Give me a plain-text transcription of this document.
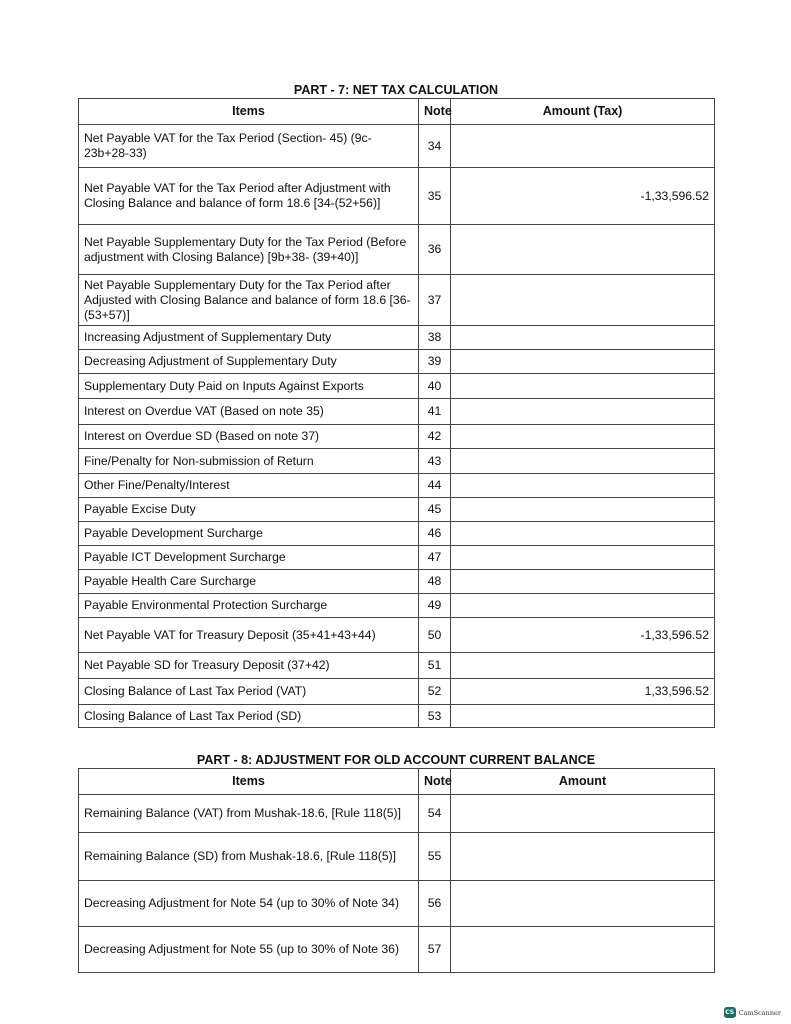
PART - 7: NET TAX CALCULATION
Items	Note	Amount (Tax)
Net Payable VAT for the Tax Period (Section- 45) (9c-23b+28-33)	34	
Net Payable VAT for the Tax Period after Adjustment with Closing Balance and balance of form 18.6 [34-(52+56)]	35	-1,33,596.52
Net Payable Supplementary Duty for the Tax Period (Before adjustment with Closing Balance) [9b+38- (39+40)]	36	
Net Payable Supplementary Duty for the Tax Period after Adjusted with Closing Balance and balance of form 18.6 [36-(53+57)]	37	
Increasing Adjustment of Supplementary Duty	38	
Decreasing Adjustment of Supplementary Duty	39	
Supplementary Duty Paid on Inputs Against Exports	40	
Interest on Overdue VAT (Based on note 35)	41	
Interest on Overdue SD (Based on note 37)	42	
Fine/Penalty for Non-submission of Return	43	
Other Fine/Penalty/Interest	44	
Payable Excise Duty	45	
Payable Development Surcharge	46	
Payable ICT Development Surcharge	47	
Payable Health Care Surcharge	48	
Payable Environmental Protection Surcharge	49	
Net Payable VAT for Treasury Deposit (35+41+43+44)	50	-1,33,596.52
Net Payable SD for Treasury Deposit (37+42)	51	
Closing Balance of Last Tax Period (VAT)	52	1,33,596.52
Closing Balance of Last Tax Period (SD)	53	
PART - 8: ADJUSTMENT FOR OLD ACCOUNT CURRENT BALANCE
Items	Note	Amount
Remaining Balance (VAT) from Mushak-18.6, [Rule 118(5)]	54	
Remaining Balance (SD) from Mushak-18.6, [Rule 118(5)]	55	
Decreasing Adjustment for Note 54 (up to 30% of Note 34)	56	
Decreasing Adjustment for Note 55 (up to 30% of Note 36)	57	
CS CamScanner
